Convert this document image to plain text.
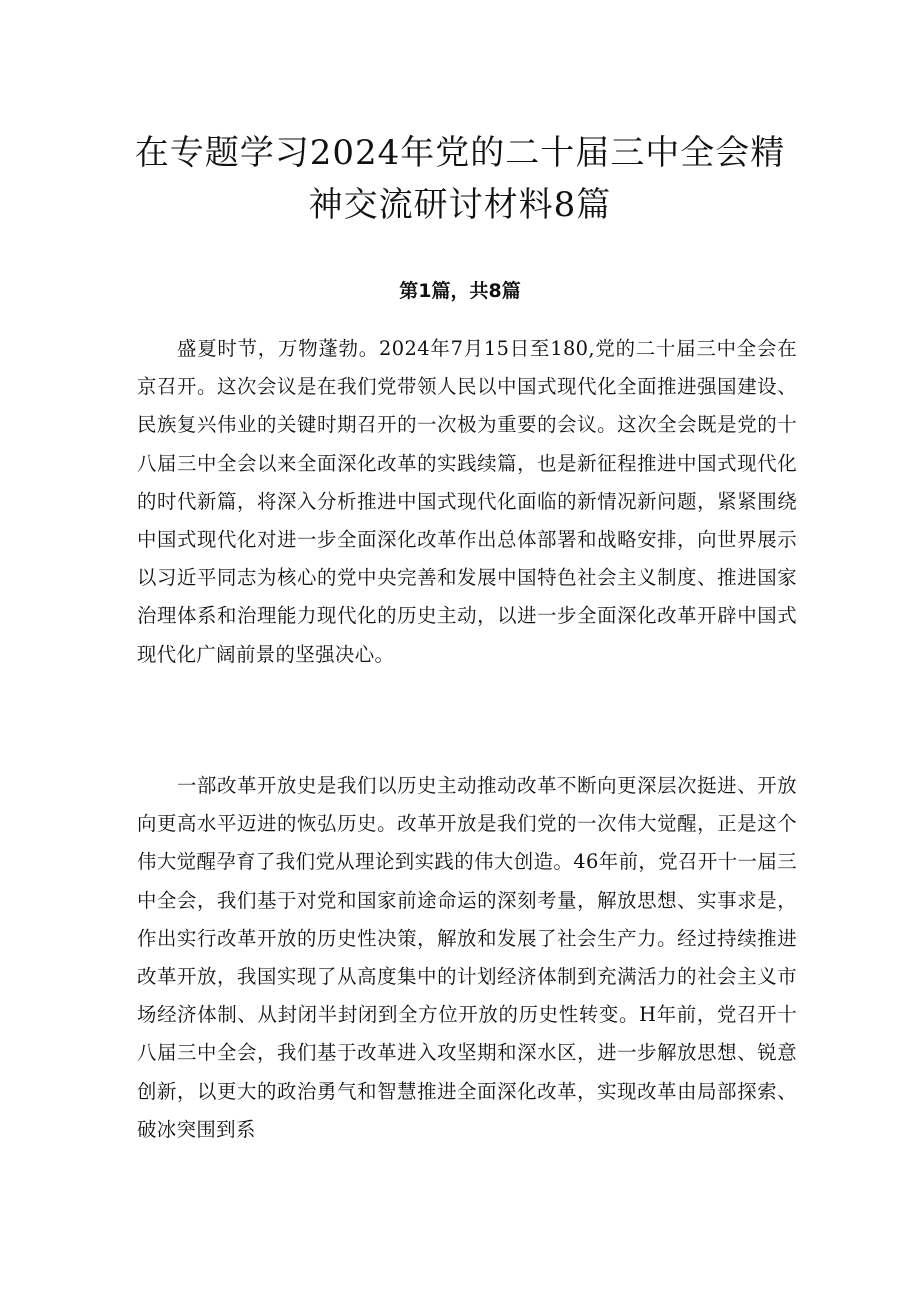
在专题学习2024年党的二十届三中全会精神交流研讨材料8篇
第1篇，共8篇

盛夏时节，万物蓬勃。2024年7月15日至180,党的二十届三中全会在京召开。这次会议是在我们党带领人民以中国式现代化全面推进强国建设、民族复兴伟业的关键时期召开的一次极为重要的会议。这次全会既是党的十八届三中全会以来全面深化改革的实践续篇，也是新征程推进中国式现代化的时代新篇，将深入分析推进中国式现代化面临的新情况新问题，紧紧围绕中国式现代化对进一步全面深化改革作出总体部署和战略安排，向世界展示以习近平同志为核心的党中央完善和发展中国特色社会主义制度、推进国家治理体系和治理能力现代化的历史主动，以进一步全面深化改革开辟中国式现代化广阔前景的坚强决心。

一部改革开放史是我们以历史主动推动改革不断向更深层次挺进、开放向更高水平迈进的恢弘历史。改革开放是我们党的一次伟大觉醒，正是这个伟大觉醒孕育了我们党从理论到实践的伟大创造。46年前，党召开十一届三中全会，我们基于对党和国家前途命运的深刻考量，解放思想、实事求是，作出实行改革开放的历史性决策，解放和发展了社会生产力。经过持续推进改革开放，我国实现了从高度集中的计划经济体制到充满活力的社会主义市场经济体制、从封闭半封闭到全方位开放的历史性转变。H年前，党召开十八届三中全会，我们基于改革进入攻坚期和深水区，进一步解放思想、锐意创新，以更大的政治勇气和智慧推进全面深化改革，实现改革由局部探索、破冰突围到系
